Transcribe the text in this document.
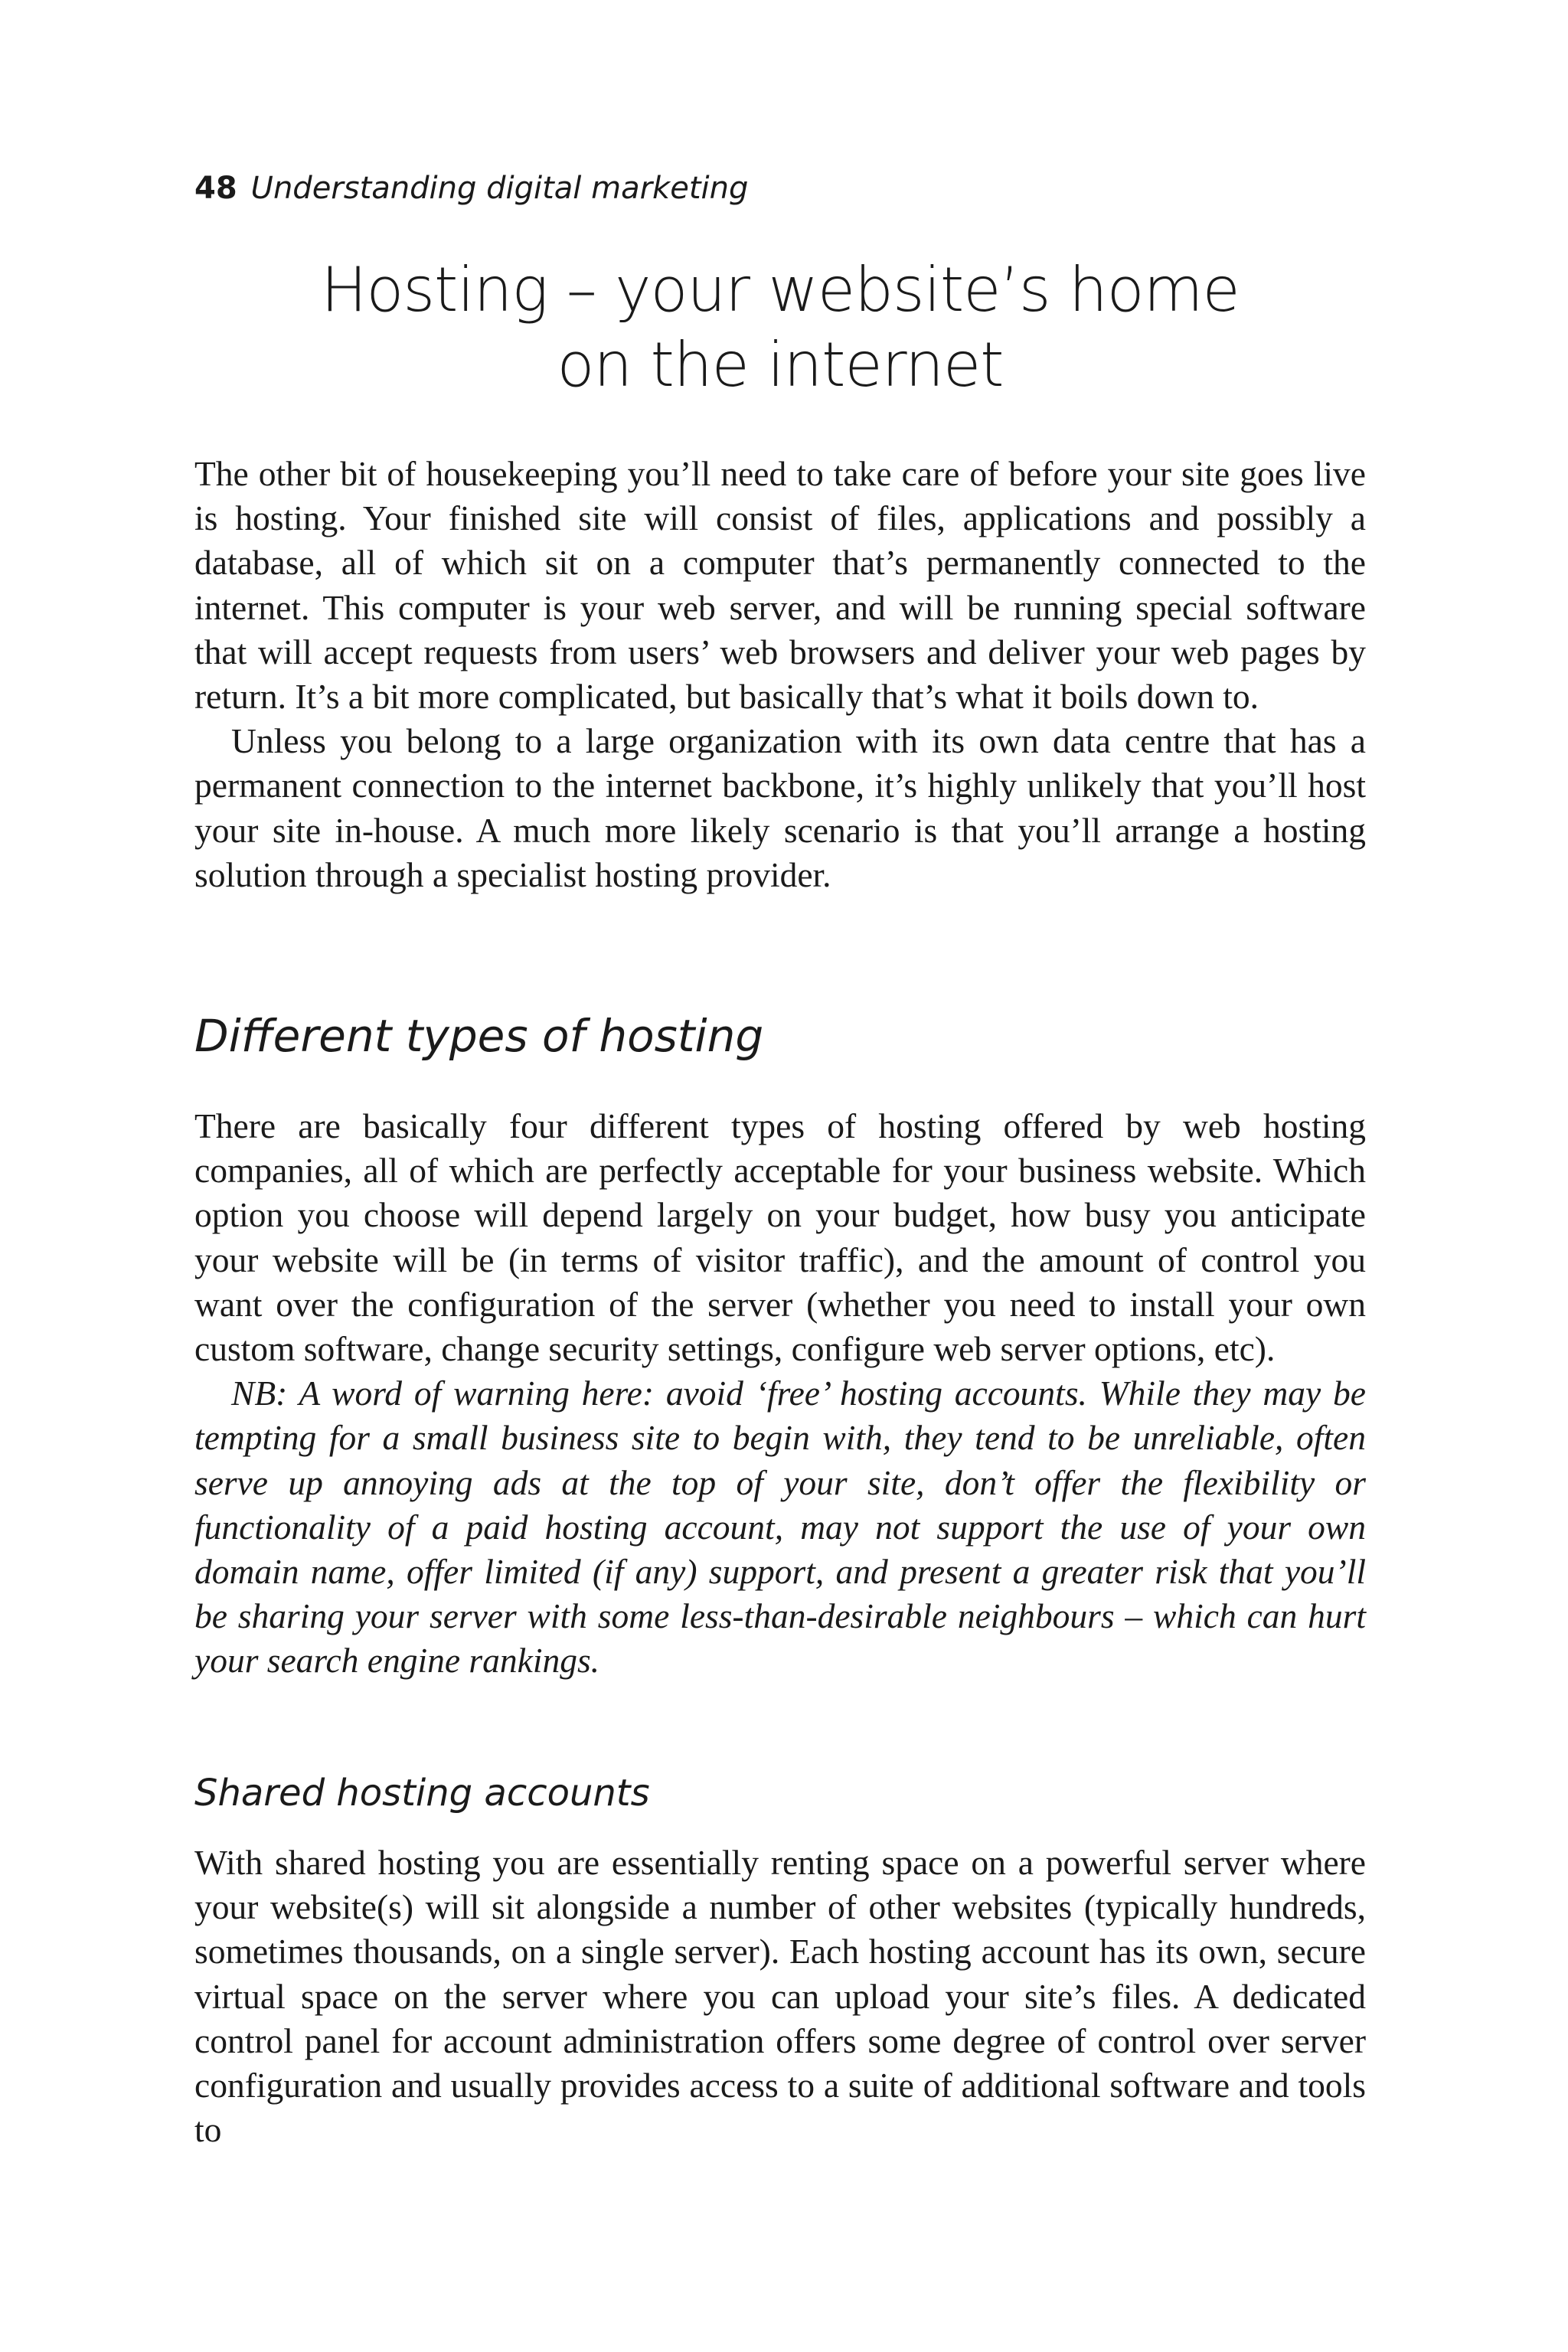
48 Understanding digital marketing
Hosting – your website’s home
on the internet

The other bit of housekeeping you’ll need to take care of before your site goes live is hosting. Your finished site will consist of files, applications and possibly a database, all of which sit on a computer that’s permanently connected to the internet. This computer is your web server, and will be running special software that will accept requests from users’ web browsers and deliver your web pages by return. It’s a bit more complicated, but basically that’s what it boils down to.

Unless you belong to a large organization with its own data centre that has a permanent connection to the internet backbone, it’s highly unlikely that you’ll host your site in-house. A much more likely scenario is that you’ll arrange a hosting solution through a specialist hosting provider.

Different types of hosting

There are basically four different types of hosting offered by web hosting companies, all of which are perfectly acceptable for your business website. Which option you choose will depend largely on your budget, how busy you anticipate your website will be (in terms of visitor traffic), and the amount of control you want over the configuration of the server (whether you need to install your own custom software, change security settings, configure web server options, etc).

NB: A word of warning here: avoid ‘free’ hosting accounts. While they may be tempting for a small business site to begin with, they tend to be unreliable, often serve up annoying ads at the top of your site, don’t offer the flexibility or functionality of a paid hosting account, may not support the use of your own domain name, offer limited (if any) support, and present a greater risk that you’ll be sharing your server with some less-than-desirable neighbours – which can hurt your search engine rankings.

Shared hosting accounts

With shared hosting you are essentially renting space on a powerful server where your website(s) will sit alongside a number of other websites (typically hundreds, sometimes thousands, on a single server). Each hosting account has its own, secure virtual space on the server where you can upload your site’s files. A dedicated control panel for account administration offers some degree of control over server configuration and usually provides access to a suite of additional software and tools to
